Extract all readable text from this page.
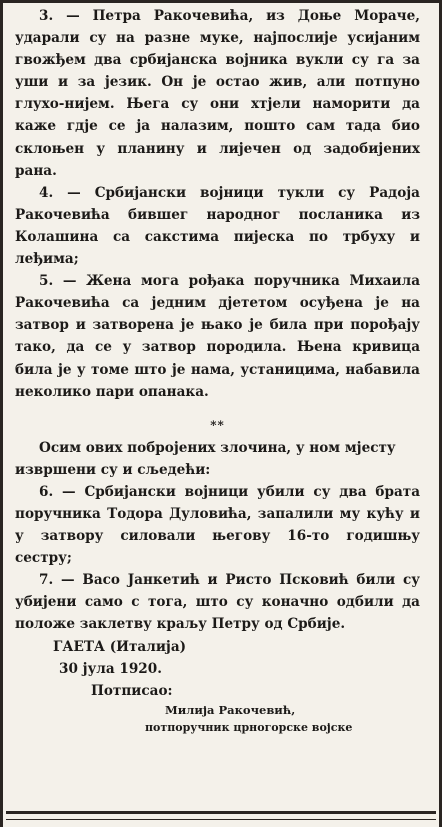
3. — Петра Ракочевића, из Доње Мораче, ударали су на разне муке, најпослије усијаним гвожђем два србијанска војника вукли су га за уши и за језик. Он је остао жив, али потпуно глухо-нијем. Њега су они хтјели наморити да каже гдје се ја налазим, пошто сам тада био склоњен у планину и лијечен од задобијених рана.

4. — Србијански војници тукли су Радоја Ракочевића бившег народног посланика из Колашина са сакстима пијеска по трбуху и леђима;

5. — Жена мога рођака поручника Михаила Ракочевића са једним дјететом осуђена је на затвор и затворена је њако је била при порођају тако, да се у затвор породила. Њена кривица била је у томе што је нама, устаницима, набавила неколико пари опанака.

⁎⁎

Осим ових побројених злочина, у ном мјесту извршени су и сљедећи:

6. — Србијански војници убили су два брата поручника Тодора Дуловића, запалили му кућу и у затвору силовали његову 16-то годишњу сестру;

7. — Васо Јанкетић и Ристо Псковић били су убијени само с тога, што су коначно одбили да положе заклетву краљу Петру од Србије.

ГАЕТА (Италија)

30 јула 1920.

Потписао:

Милија Ракочевић,

потпоручник црногорске војске
